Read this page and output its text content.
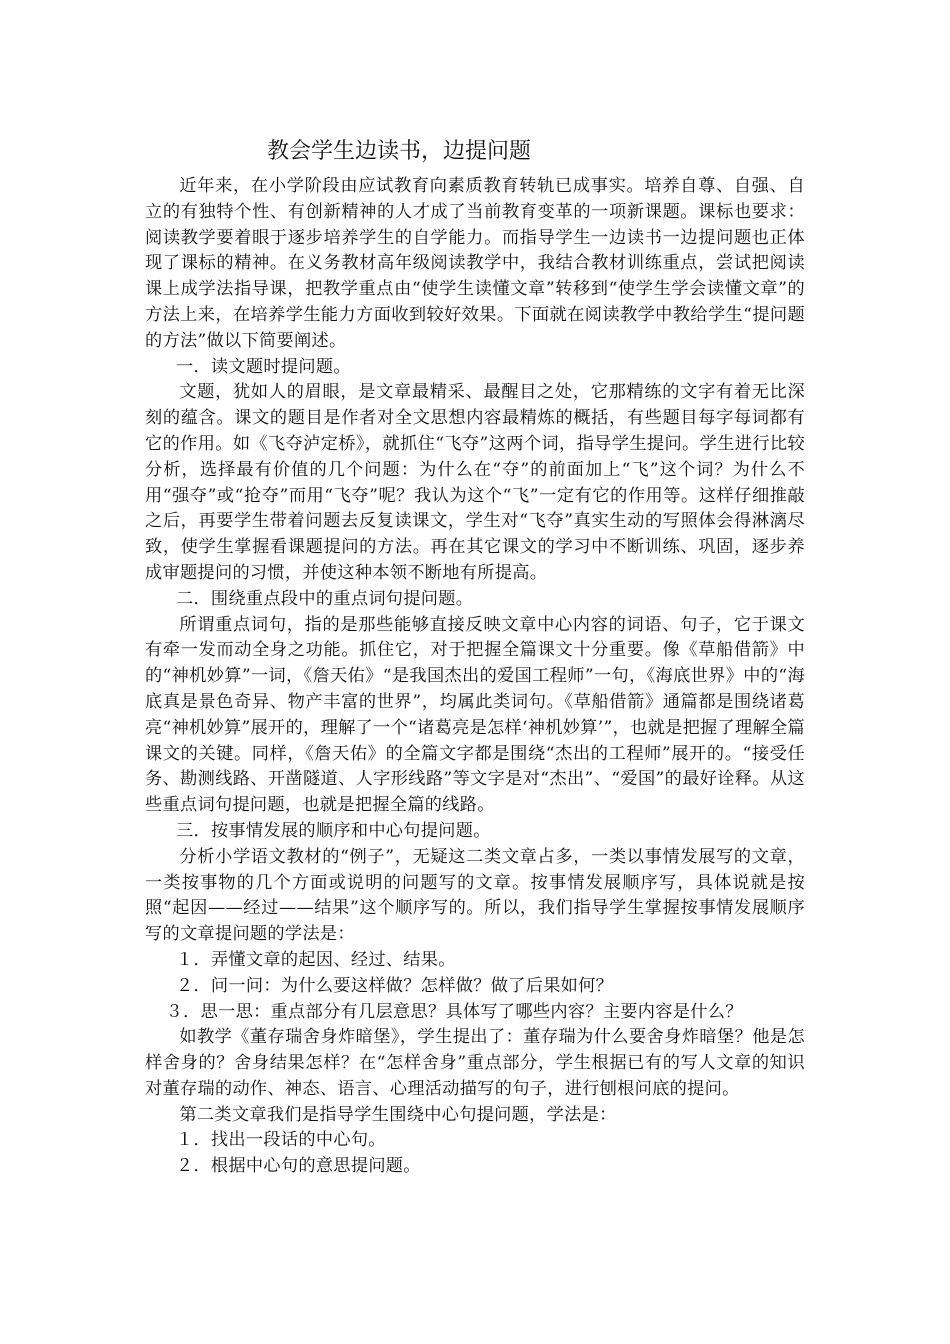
教会学生边读书，边提问题

近年来，在小学阶段由应试教育向素质教育转轨已成事实。培养自尊、自强、自立的有独特个性、有创新精神的人才成了当前教育变革的一项新课题。课标也要求：阅读教学要着眼于逐步培养学生的自学能力。而指导学生一边读书一边提问题也正体现了课标的精神。在义务教材高年级阅读教学中，我结合教材训练重点，尝试把阅读课上成学法指导课，把教学重点由“使学生读懂文章”转移到“使学生学会读懂文章”的方法上来，在培养学生能力方面收到较好效果。下面就在阅读教学中教给学生“提问题的方法”做以下简要阐述。

一．读文题时提问题。

文题，犹如人的眉眼，是文章最精采、最醒目之处，它那精练的文字有着无比深刻的蕴含。课文的题目是作者对全文思想内容最精炼的概括，有些题目每字每词都有它的作用。如《飞夺泸定桥》，就抓住“飞夺”这两个词，指导学生提问。学生进行比较分析，选择最有价值的几个问题：为什么在“夺”的前面加上“飞”这个词？为什么不用“强夺”或“抢夺”而用“飞夺”呢？我认为这个“飞”一定有它的作用等。这样仔细推敲之后，再要学生带着问题去反复读课文，学生对“飞夺”真实生动的写照体会得淋漓尽致，使学生掌握看课题提问的方法。再在其它课文的学习中不断训练、巩固，逐步养成审题提问的习惯，并使这种本领不断地有所提高。

二．围绕重点段中的重点词句提问题。

所谓重点词句，指的是那些能够直接反映文章中心内容的词语、句子，它于课文有牵一发而动全身之功能。抓住它，对于把握全篇课文十分重要。像《草船借箭》中的“神机妙算”一词，《詹天佑》“是我国杰出的爱国工程师”一句，《海底世界》中的“海底真是景色奇异、物产丰富的世界”，均属此类词句。《草船借箭》通篇都是围绕诸葛亮“神机妙算”展开的，理解了一个“诸葛亮是怎样‘神机妙算’”，也就是把握了理解全篇课文的关键。同样，《詹天佑》的全篇文字都是围绕“杰出的工程师”展开的。“接受任务、勘测线路、开凿隧道、人字形线路”等文字是对“杰出”、“爱国”的最好诠释。从这些重点词句提问题，也就是把握全篇的线路。

三．按事情发展的顺序和中心句提问题。

分析小学语文教材的“例子”，无疑这二类文章占多，一类以事情发展写的文章，一类按事物的几个方面或说明的问题写的文章。按事情发展顺序写，具体说就是按照“起因——经过——结果”这个顺序写的。所以，我们指导学生掌握按事情发展顺序写的文章提问题的学法是：

１．弄懂文章的起因、经过、结果。

２．问一问：为什么要这样做？怎样做？做了后果如何？

３．思一思：重点部分有几层意思？具体写了哪些内容？主要内容是什么？

如教学《董存瑞舍身炸暗堡》，学生提出了：董存瑞为什么要舍身炸暗堡？他是怎样舍身的？舍身结果怎样？在“怎样舍身”重点部分，学生根据已有的写人文章的知识对董存瑞的动作、神态、语言、心理活动描写的句子，进行刨根问底的提问。

第二类文章我们是指导学生围绕中心句提问题，学法是：

１．找出一段话的中心句。

２．根据中心句的意思提问题。
